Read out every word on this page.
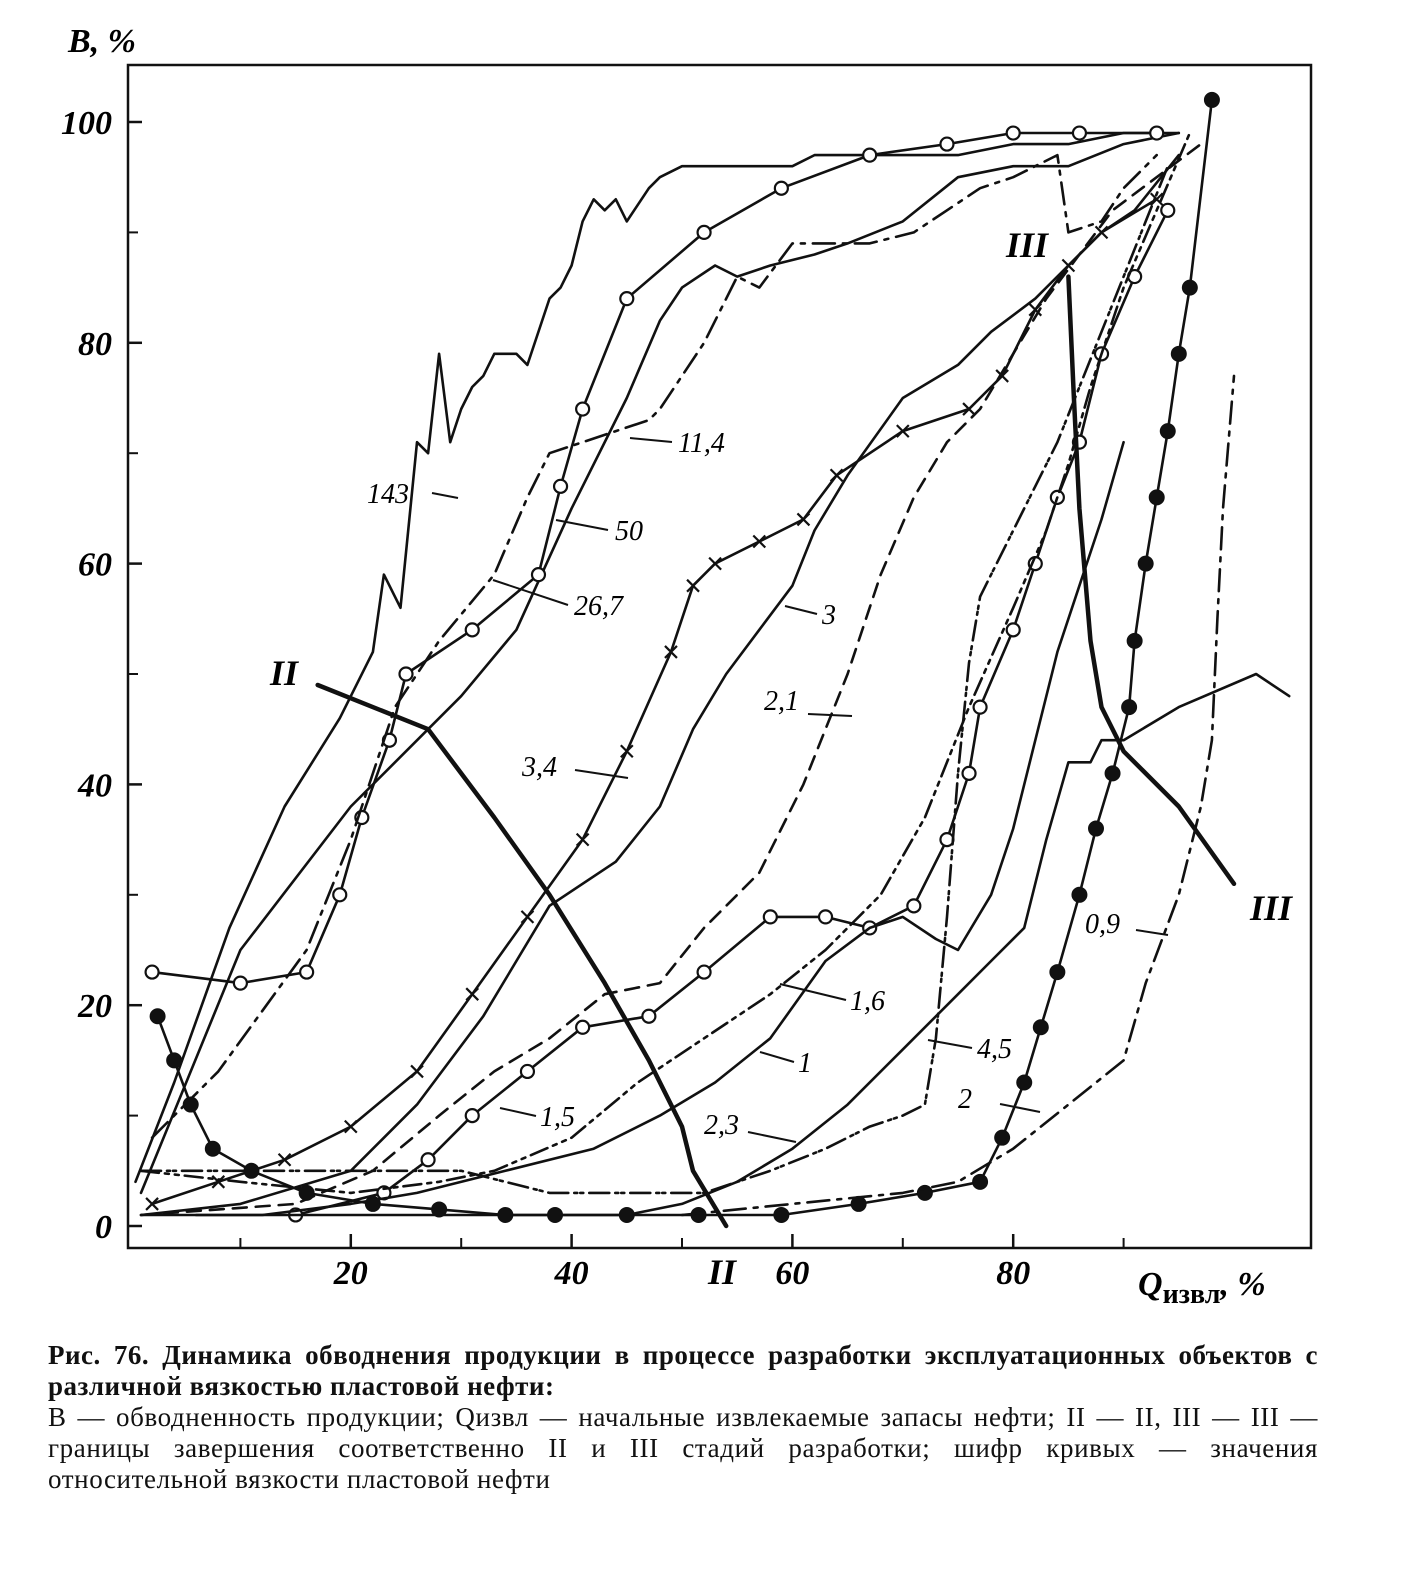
0
20
40
60
80
100
20	40	60	80
143
50
26,7
11,4
3,4
3
2,1
1,5
1,6
1
2,3
4,5
2
0,9
II
III
III
B, %
$Q_{извл}$, %
II
Рис. 76. Динамика обводнения продукции в процессе разработки эксплуатационных объектов с различной вязкостью пластовой нефти:
B — обводненность продукции; Qизвл — начальные извлекаемые запасы нефти; II — II, III — III — границы завершения соответственно II и III стадий разработки; шифр кривых — значения относительной вязкости пластовой нефти
